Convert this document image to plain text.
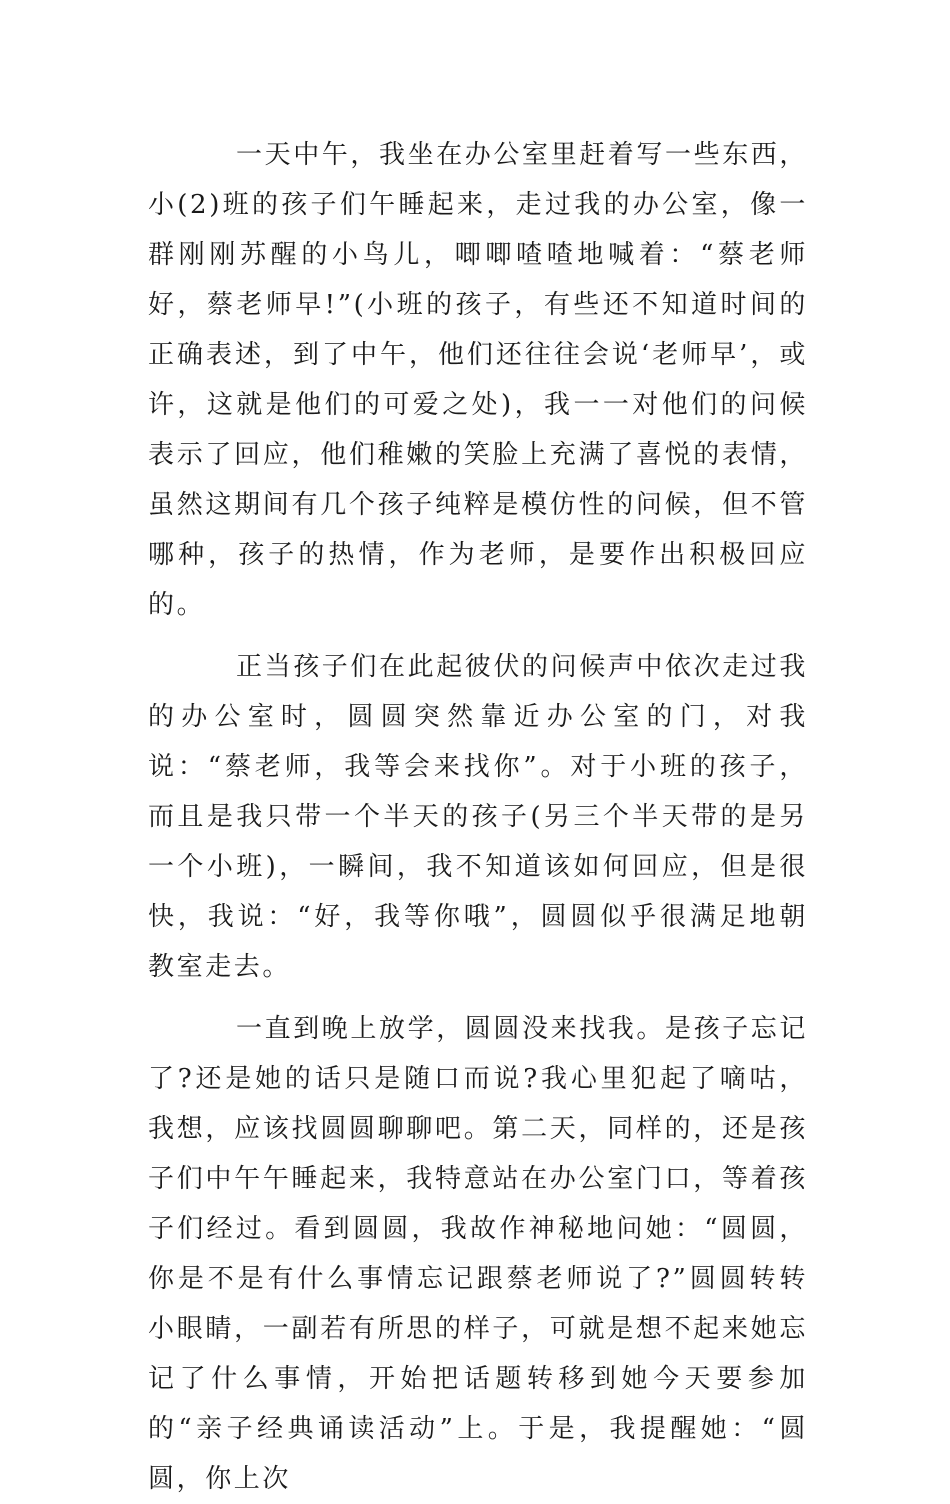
一天中午，我坐在办公室里赶着写一些东西，小(2)班的孩子们午睡起来，走过我的办公室，像一群刚刚苏醒的小鸟儿，唧唧喳喳地喊着：“蔡老师好，蔡老师早!”(小班的孩子，有些还不知道时间的正确表述，到了中午，他们还往往会说‘老师早’，或许，这就是他们的可爱之处)，我一一对他们的问候表示了回应，他们稚嫩的笑脸上充满了喜悦的表情，虽然这期间有几个孩子纯粹是模仿性的问候，但不管哪种，孩子的热情，作为老师，是要作出积极回应的。

正当孩子们在此起彼伏的问候声中依次走过我的办公室时，圆圆突然靠近办公室的门，对我说：“蔡老师，我等会来找你”。对于小班的孩子，而且是我只带一个半天的孩子(另三个半天带的是另一个小班)，一瞬间，我不知道该如何回应，但是很快，我说：“好，我等你哦”，圆圆似乎很满足地朝教室走去。

一直到晚上放学，圆圆没来找我。是孩子忘记了?还是她的话只是随口而说?我心里犯起了嘀咕，我想，应该找圆圆聊聊吧。第二天，同样的，还是孩子们中午午睡起来，我特意站在办公室门口，等着孩子们经过。看到圆圆，我故作神秘地问她：“圆圆，你是不是有什么事情忘记跟蔡老师说了?”圆圆转转小眼睛，一副若有所思的样子，可就是想不起来她忘记了什么事情，开始把话题转移到她今天要参加的“亲子经典诵读活动”上。于是，我提醒她：“圆圆，你上次
